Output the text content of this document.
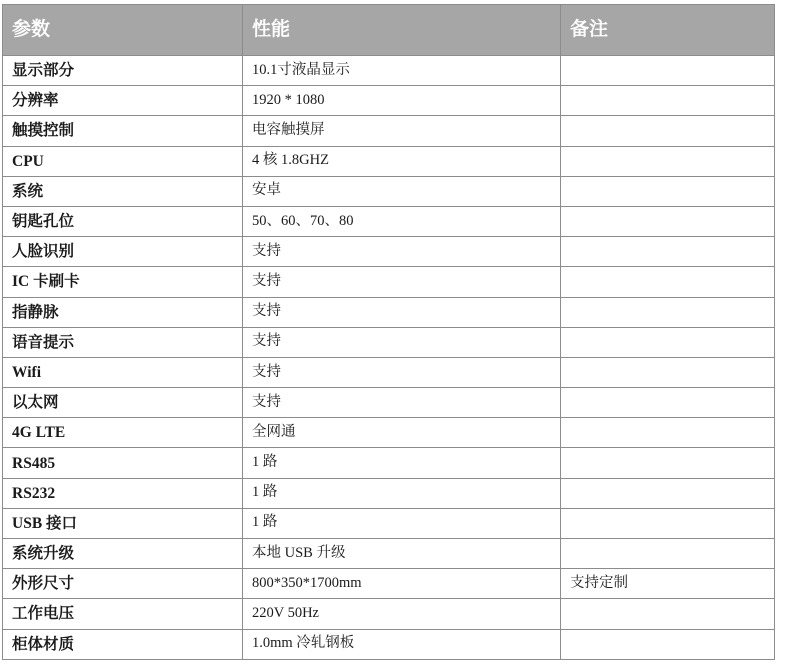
参数	性能	备注
显示部分	10.1寸液晶显示	
分辨率	1920 * 1080	
触摸控制	电容触摸屏	
CPU	4 核 1.8GHZ	
系统	安卓	
钥匙孔位	50、60、70、80	
人脸识别	支持	
IC 卡刷卡	支持	
指静脉	支持	
语音提示	支持	
Wifi	支持	
以太网	支持	
4G LTE	全网通	
RS485	1 路	
RS232	1 路	
USB 接口	1 路	
系统升级	本地 USB 升级	
外形尺寸	800*350*1700mm	支持定制
工作电压	220V 50Hz	
柜体材质	1.0mm 冷轧钢板	
